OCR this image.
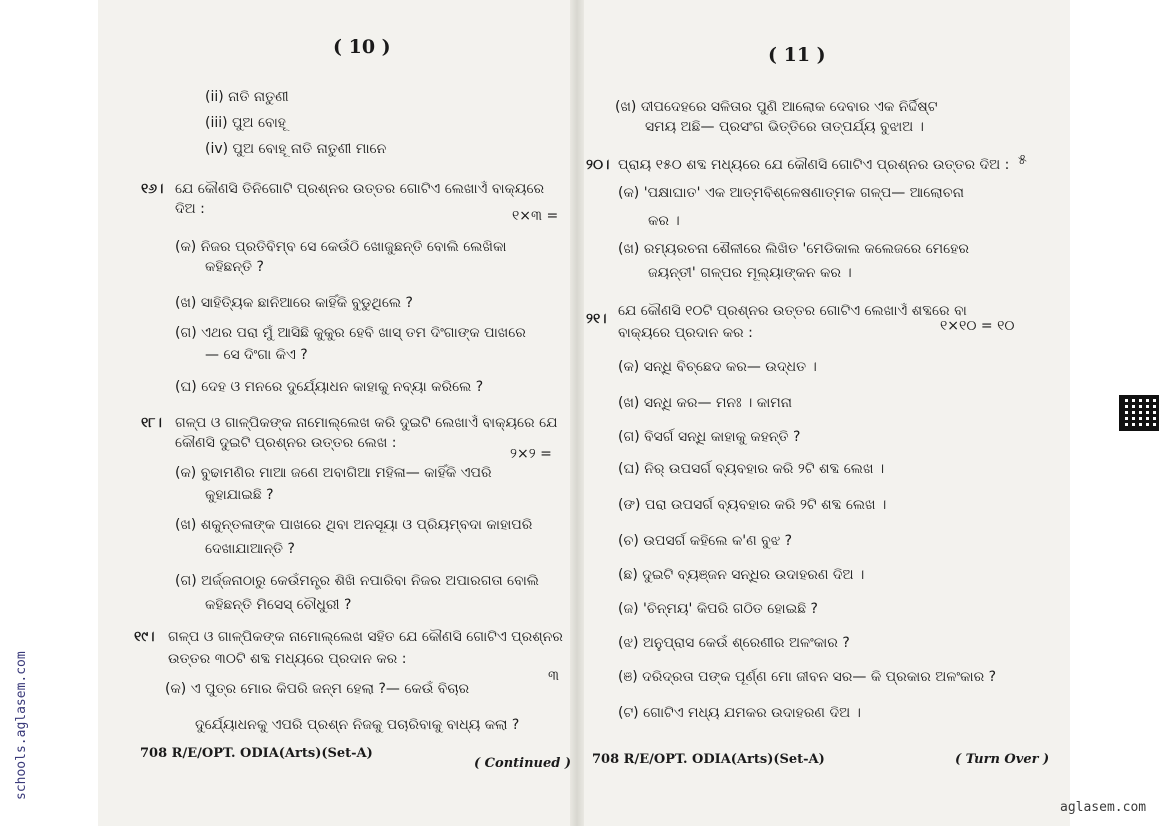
( 10 )
(ii) ନାତି ନାତୁଣୀ
(iii) ପୁଅ ବୋହୂ
(iv) ପୁଅ ବୋହୂ ନାତି ନାତୁଣୀ ମାନେ
୧୬। ଯେ କୌଣସି ତିନିଗୋଟି ପ୍ରଶ୍ନର ଉତ୍ତର ଗୋଟିଏ ଲେଖାଏଁ ବାକ୍ୟରେ
ଦିଅ :	୧×୩ =
(କ) ନିଜର ପ୍ରତିବିମ୍ବ ସେ କେଉଁଠି ଖୋଜୁଛନ୍ତି ବୋଲି ଲେଖିକା
କହିଛନ୍ତି ?
(ଖ) ସାହିତ୍ୟିକ ଛାନିଆରେ କାହିଁକି ବୁଡୁଥିଲେ ?
(ଗ) ଏଥର ପରା ମୁଁ ଆସିଛି କୁକୁର ହେବି ଖାସ୍ ତମ ଦିଂଗାଙ୍କ ପାଖରେ
— ସେ ଦିଂଗା କିଏ ?
(ଘ) ଦେହ ଓ ମନରେ ଦୁର୍ଯ୍ୟୋଧନ କାହାକୁ ନବ୍ୟା କରିଲେ ?
୧୮। ଗଳ୍ପ ଓ ଗାଳ୍ପିକଙ୍କ ନାମୋଲ୍ଲେଖ କରି ଦୁଇଟି ଲେଖାଏଁ ବାକ୍ୟରେ ଯେ
କୌଣସି ଦୁଇଟି ପ୍ରଶ୍ନର ଉତ୍ତର ଲେଖ :
୨×୨ =
(କ) ବୁଢାମଣିର ମାଆ ଜଣେ ଅବାଗିଆ ମହିଳା— କାହିଁକି ଏପରି
କୁହାଯାଇଛି ?
(ଖ) ଶକୁନ୍ତଳାଙ୍କ ପାଖରେ ଥିବା ଅନସୂୟା ଓ ପ୍ରିୟମ୍ବଦା କାହାପରି
ଦେଖାଯାଆନ୍ତି ?
(ଗ) ଅର୍ଜ୍ଜନାଠାରୁ କେଉଁମନ୍ତ୍ର ଶିଖି ନପାରିବା ନିଜର ଅପାରଗତା ବୋଲି
କହିଛନ୍ତି ମିସେସ୍ ଚୌଧୁରୀ ?
୧୯। ଗଳ୍ପ ଓ ଗାଳ୍ପିକଙ୍କ ନାମୋଲ୍ଲେଖ ସହିତ ଯେ କୌଣସି ଗୋଟିଏ ପ୍ରଶ୍ନର
ଉତ୍ତର ୩୦ଟି ଶବ୍ଦ ମଧ୍ୟରେ ପ୍ରଦାନ କର :
୩
(କ) ଏ ପୁତ୍ର ମୋର କିପରି ଜନ୍ମ ହେଲା ?— କେଉଁ ବିଚାର
ଦୁର୍ଯ୍ୟୋଧନକୁ ଏପରି ପ୍ରଶ୍ନ ନିଜକୁ ପଚାରିବାକୁ ବାଧ୍ୟ କଲା ?
708 R/E/OPT. ODIA(Arts)(Set-A)
( Continued )
( 11 )
(ଖ) ଦୀପଦେହରେ ସଳିତାର ପୁଣି ଆଲୋକ ଦେବାର ଏକ ନିର୍ଦ୍ଦିଷ୍ଟ
ସମୟ ଅଛି— ପ୍ରସଂଗ ଭିତ୍ତିରେ ତାତ୍ପର୍ଯ୍ୟ ବୁଝାଅ ।
୨୦। ପ୍ରାୟ ୧୫୦ ଶବ୍ଦ ମଧ୍ୟରେ ଯେ କୌଣସି ଗୋଟିଏ ପ୍ରଶ୍ନର ଉତ୍ତର ଦିଅ : ୫
(କ) 'ପକ୍ଷାଘାତ' ଏକ ଆତ୍ମବିଶ୍ଳେଷଣାତ୍ମକ ଗଳ୍ପ— ଆଲୋଚନା
କର ।
(ଖ) ରମ୍ୟରଚନା ଶୈଳୀରେ ଲିଖିତ 'ମେଡିକାଲ କଲେଜରେ ମେହେର
ଜୟନ୍ତୀ' ଗଳ୍ପର ମୂଲ୍ୟାଙ୍କନ କର ।
୨୧। ଯେ କୌଣସି ୧୦ଟି ପ୍ରଶ୍ନର ଉତ୍ତର ଗୋଟିଏ ଲେଖାଏଁ ଶବ୍ଦରେ ବା
ବାକ୍ୟରେ ପ୍ରଦାନ କର :	୧×୧୦ = ୧୦
(କ) ସନ୍ଧି ବିଚ୍ଛେଦ କର— ଉଦ୍ଧତ ।
(ଖ) ସନ୍ଧି କର— ମନଃ । କାମନା
(ଗ) ବିସର୍ଗ ସନ୍ଧି କାହାକୁ କହନ୍ତି ?
(ଘ) ନିର୍ ଉପସର୍ଗ ବ୍ୟବହାର କରି ୨ଟି ଶବ୍ଦ ଲେଖ ।
(ଙ) ପରା ଉପସର୍ଗ ବ୍ୟବହାର କରି ୨ଟି ଶବ୍ଦ ଲେଖ ।
(ଚ) ଉପସର୍ଗ କହିଲେ କ'ଣ ବୁଝ ?
(ଛ) ଦୁଇଟି ବ୍ୟଞ୍ଜନ ସନ୍ଧିର ଉଦାହରଣ ଦିଅ ।
(ଜ) 'ଚିନ୍ମୟ' କିପରି ଗଠିତ ହୋଇଛି ?
(ଝ) ଅନୁପ୍ରାସ କେଉଁ ଶ୍ରେଣୀର ଅଳଂକାର ?
(ଞ) ଦରିଦ୍ରତା ପଙ୍କ ପୂର୍ଣ୍ଣ ମୋ ଜୀବନ ସର— କି ପ୍ରକାର ଅଳଂକାର ?
(ଟ) ଗୋଟିଏ ମଧ୍ୟ ଯମକର ଉଦାହରଣ ଦିଅ ।
708 R/E/OPT. ODIA(Arts)(Set-A)	( Turn Over )
schools.aglasem.com
aglasem.com
